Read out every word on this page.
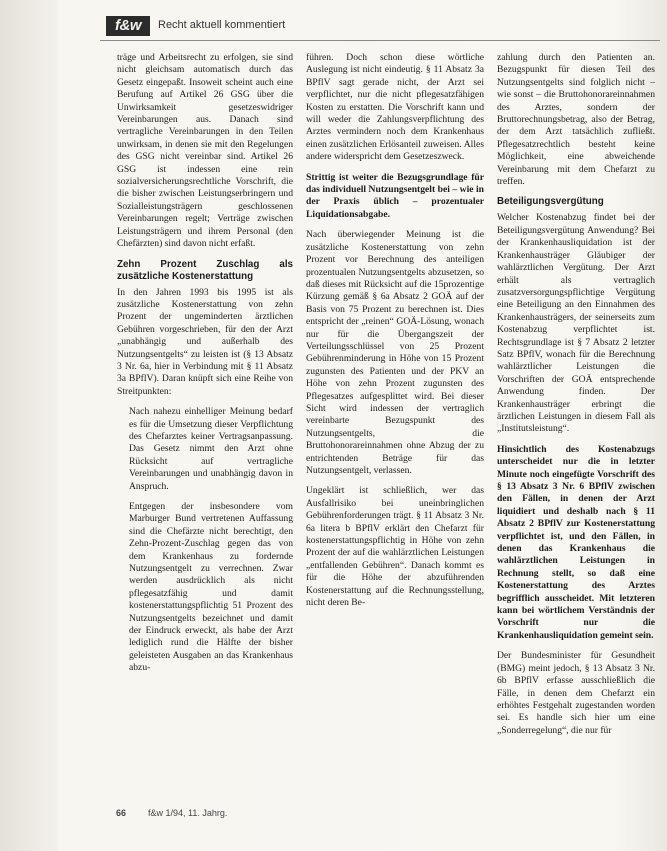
f&w	Recht aktuell kommentiert

träge und Arbeitsrecht zu erfolgen, sie sind nicht gleichsam automatisch durch das Gesetz eingepaßt. Insoweit scheint auch eine Berufung auf Artikel 26 GSG über die Unwirksamkeit gesetzeswidriger Vereinbarungen aus. Danach sind vertragliche Vereinbarungen in den Teilen unwirksam, in denen sie mit den Regelungen des GSG nicht vereinbar sind. Artikel 26 GSG ist indessen eine rein sozialversicherungsrechtliche Vorschrift, die die bisher zwischen Leistungserbringern und Sozialleistungsträgern geschlossenen Vereinbarungen regelt; Verträge zwischen Leistungsträgern und ihrem Personal (den Chefärzten) sind davon nicht erfaßt.

Zehn Prozent Zuschlag als zusätzliche Kostenerstattung

In den Jahren 1993 bis 1995 ist als zusätzliche Kostenerstattung von zehn Prozent der ungeminderten ärztlichen Gebühren vorgeschrieben, für den der Arzt „unabhängig und außerhalb des Nutzungsentgelts“ zu leisten ist (§ 13 Absatz 3 Nr. 6a, hier in Verbindung mit § 11 Absatz 3a BPflV). Daran knüpft sich eine Reihe von Streitpunkten:

Nach nahezu einhelliger Meinung bedarf es für die Umsetzung dieser Verpflichtung des Chefarztes keiner Vertragsanpassung. Das Gesetz nimmt den Arzt ohne Rücksicht auf vertragliche Vereinbarungen und unabhängig davon in Anspruch.

Entgegen der insbesondere vom Marburger Bund vertretenen Auffassung sind die Chefärzte nicht berechtigt, den Zehn-Prozent-Zuschlag gegen das von dem Krankenhaus zu fordernde Nutzungsentgelt zu verrechnen. Zwar werden ausdrücklich als nicht pflegesatzfähig und damit kostenerstattungspflichtig 51 Prozent des Nutzungsentgelts bezeichnet und damit der Eindruck erweckt, als habe der Arzt lediglich rund die Hälfte der bisher geleisteten Ausgaben an das Krankenhaus abzu-

führen. Doch schon diese wörtliche Auslegung ist nicht eindeutig. § 11 Absatz 3a BPflV sagt gerade nicht, der Arzt sei verpflichtet, nur die nicht pflegesatzfähigen Kosten zu erstatten. Die Vorschrift kann und will weder die Zahlungsverpflichtung des Arztes vermindern noch dem Krankenhaus einen zusätzlichen Erlösanteil zuweisen. Alles andere widerspricht dem Gesetzeszweck.

Strittig ist weiter die Bezugsgrundlage für das individuell Nutzungsentgelt bei – wie in der Praxis üblich – prozentualer Liquidationsabgabe.

Nach überwiegender Meinung ist die zusätzliche Kostenerstattung von zehn Prozent vor Berechnung des anteiligen prozentualen Nutzungsentgelts abzusetzen, so daß dieses mit Rücksicht auf die 15prozentige Kürzung gemäß § 6a Absatz 2 GOÄ auf der Basis von 75 Prozent zu berechnen ist. Dies entspricht der „reinen“ GOÄ-Lösung, wonach nur für die Übergangszeit der Verteilungsschlüssel von 25 Prozent Gebührenminderung in Höhe von 15 Prozent zugunsten des Patienten und der PKV an Höhe von zehn Prozent zugunsten des Pflegesatzes aufgesplittet wird. Bei dieser Sicht wird indessen der vertraglich vereinbarte Bezugspunkt des Nutzungsentgelts, die Bruttohonorareinnahmen ohne Abzug der zu entrichtenden Beträge für das Nutzungsentgelt, verlassen.

Ungeklärt ist schließlich, wer das Ausfallrisiko bei uneinbringlichen Gebührenforderungen trägt. § 11 Absatz 3 Nr. 6a litera b BPflV erklärt den Chefarzt für kostenerstattungspflichtig in Höhe von zehn Prozent der auf die wahlärztlichen Leistungen „entfallenden Gebühren“. Danach kommt es für die Höhe der abzuführenden Kostenerstattung auf die Rechnungsstellung, nicht deren Be-

zahlung durch den Patienten an. Bezugspunkt für diesen Teil des Nutzungsentgelts sind folglich nicht – wie sonst – die Bruttohonorareinnahmen des Arztes, sondern der Bruttorechnungsbetrag, also der Betrag, der dem Arzt tatsächlich zufließt. Pflegesatzrechtlich besteht keine Möglichkeit, eine abweichende Vereinbarung mit dem Chefarzt zu treffen.

Beteiligungsvergütung

Welcher Kostenabzug findet bei der Beteiligungsvergütung Anwendung? Bei der Krankenhausliquidation ist der Krankenhausträger Gläubiger der wahlärztlichen Vergütung. Der Arzt erhält als vertraglich zusatzversorgungspflichtige Vergütung eine Beteiligung an den Einnahmen des Krankenhausträgers, der seinerseits zum Kostenabzug verpflichtet ist. Rechtsgrundlage ist § 7 Absatz 2 letzter Satz BPflV, wonach für die Berechnung wahlärztlicher Leistungen die Vorschriften der GOÄ entsprechende Anwendung finden. Der Krankenhausträger erbringt die ärztlichen Leistungen in diesem Fall als „Institutsleistung“.

Hinsichtlich des Kostenabzugs unterscheidet nur die in letzter Minute noch eingefügte Vorschrift des § 13 Absatz 3 Nr. 6 BPflV zwischen den Fällen, in denen der Arzt liquidiert und deshalb nach § 11 Absatz 2 BPflV zur Kostenerstattung verpflichtet ist, und den Fällen, in denen das Krankenhaus die wahlärztlichen Leistungen in Rechnung stellt, so daß eine Kostenerstattung des Arztes begrifflich ausscheidet. Mit letzteren kann bei wörtlichem Verständnis der Vorschrift nur die Krankenhausliquidation gemeint sein.

Der Bundesminister für Gesundheit (BMG) meint jedoch, § 13 Absatz 3 Nr. 6b BPflV erfasse ausschließlich die Fälle, in denen dem Chefarzt ein erhöhtes Festgehalt zugestanden worden sei. Es handle sich hier um eine „Sonderregelung“, die nur für

66 f&w 1/94, 11. Jahrg.
